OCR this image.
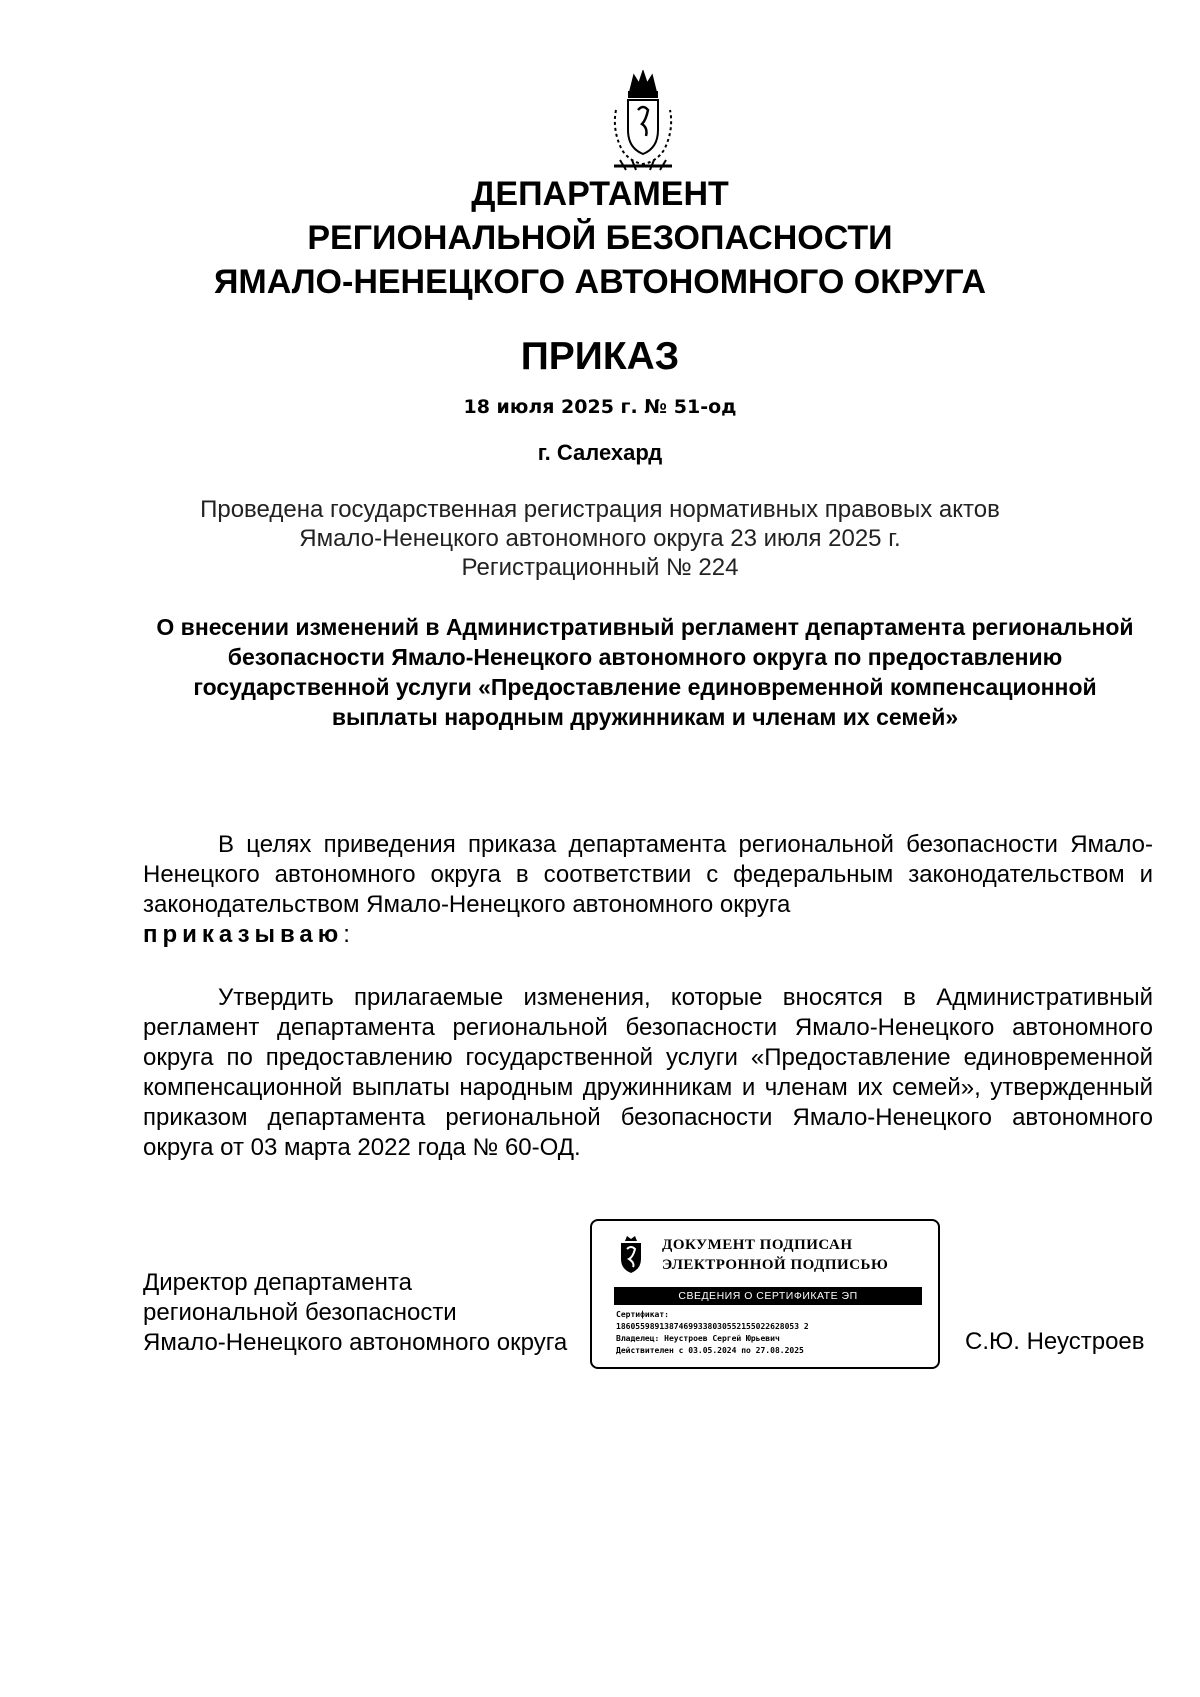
ДЕПАРТАМЕНТ
РЕГИОНАЛЬНОЙ БЕЗОПАСНОСТИ
ЯМАЛО-НЕНЕЦКОГО АВТОНОМНОГО ОКРУГА
ПРИКАЗ
18 июля 2025 г. № 51-од
г. Салехард
Проведена государственная регистрация нормативных правовых актов
Ямало-Ненецкого автономного округа 23 июля 2025 г.
Регистрационный № 224
О внесении изменений в Административный регламент департамента региональной безопасности Ямало-Ненецкого автономного округа по предоставлению государственной услуги «Предоставление единовременной компенсационной выплаты народным дружинникам и членам их семей»
В целях приведения приказа департамента региональной безопасности Ямало-Ненецкого автономного округа в соответствии с федеральным законодательством и законодательством Ямало-Ненецкого автономного округа
приказываю:
Утвердить прилагаемые изменения, которые вносятся в Административный регламент департамента региональной безопасности Ямало-Ненецкого автономного округа по предоставлению государственной услуги «Предоставление единовременной компенсационной выплаты народным дружинникам и членам их семей», утвержденный приказом департамента региональной безопасности Ямало-Ненецкого автономного округа от 03 марта 2022 года № 60-ОД.
Директор департамента
региональной безопасности
Ямало-Ненецкого автономного округа
ДОКУМЕНТ ПОДПИСАН
ЭЛЕКТРОННОЙ ПОДПИСЬЮ
СВЕДЕНИЯ О СЕРТИФИКАТЕ ЭП
Сертификат:
18605598913874699338030552155022628053 2
Владелец: Неустроев Сергей Юрьевич
Действителен с 03.05.2024 по 27.08.2025	С.Ю. Неустроев
